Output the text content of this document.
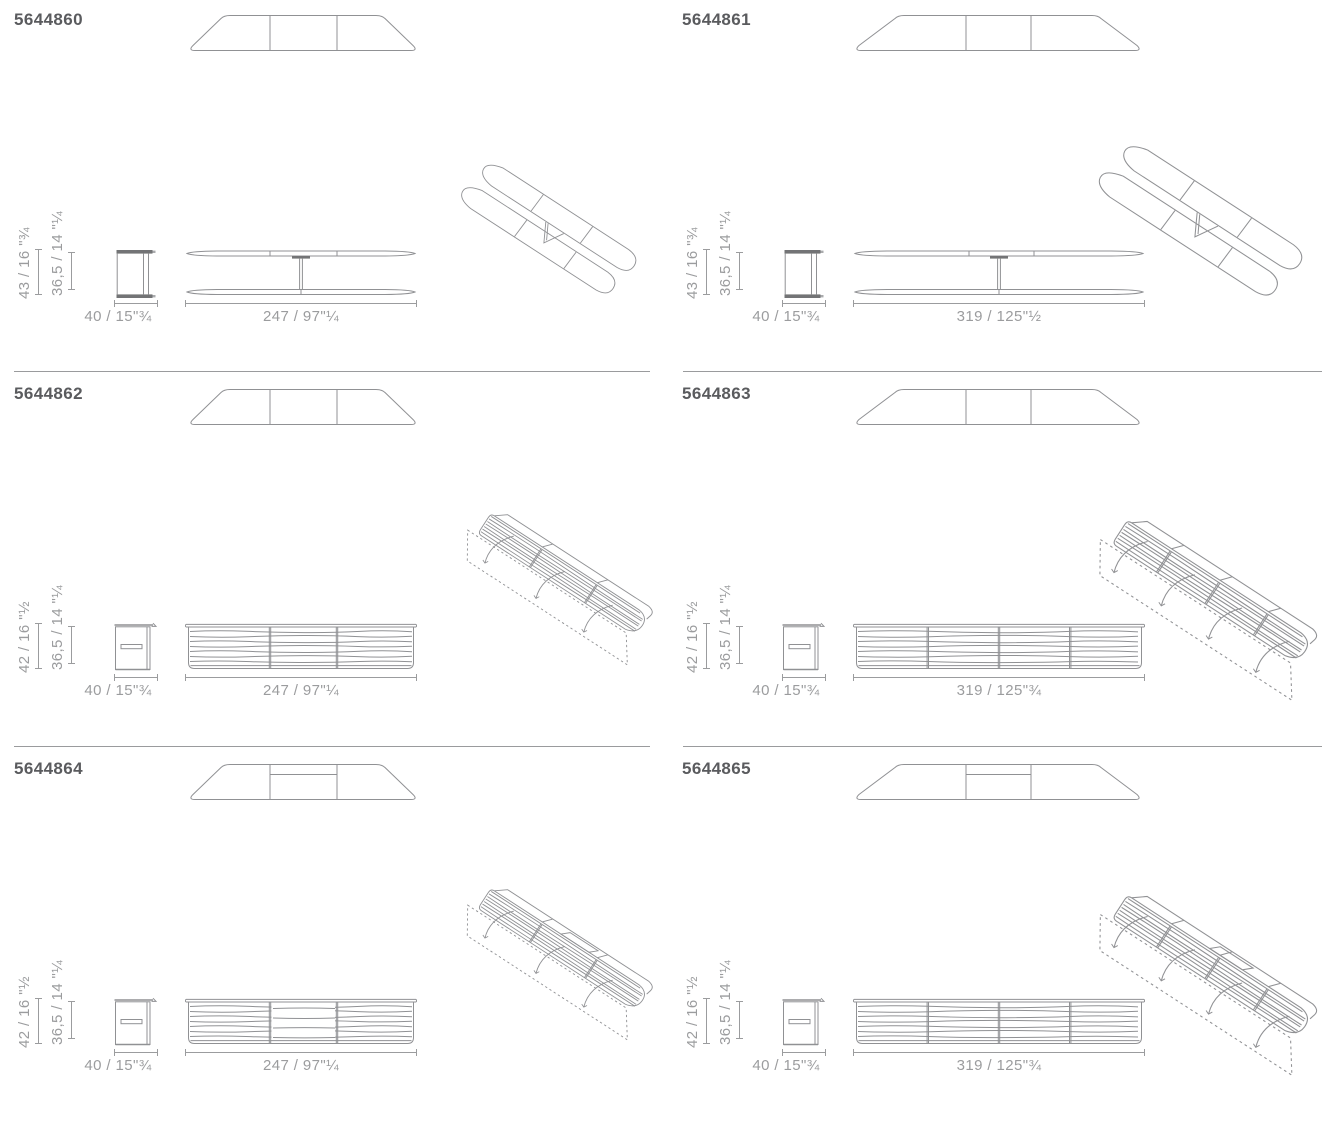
5644860
43 / 16 "¾ 36,5 / 14 "¼
40 / 15"¾	247 / 97"¼
5644861
43 / 16 "¾ 36,5 / 14 "¼
40 / 15"¾	319 / 125"½
5644862
42 / 16 "½ 36,5 / 14 "¼
40 / 15"¾	247 / 97"¼
5644863
42 / 16 "½ 36,5 / 14 "¼
40 / 15"¾	319 / 125"¾
5644864
42 / 16 "½ 36,5 / 14 "¼
40 / 15"¾	247 / 97"¼
5644865
42 / 16 "½ 36,5 / 14 "¼
40 / 15"¾	319 / 125"¾
